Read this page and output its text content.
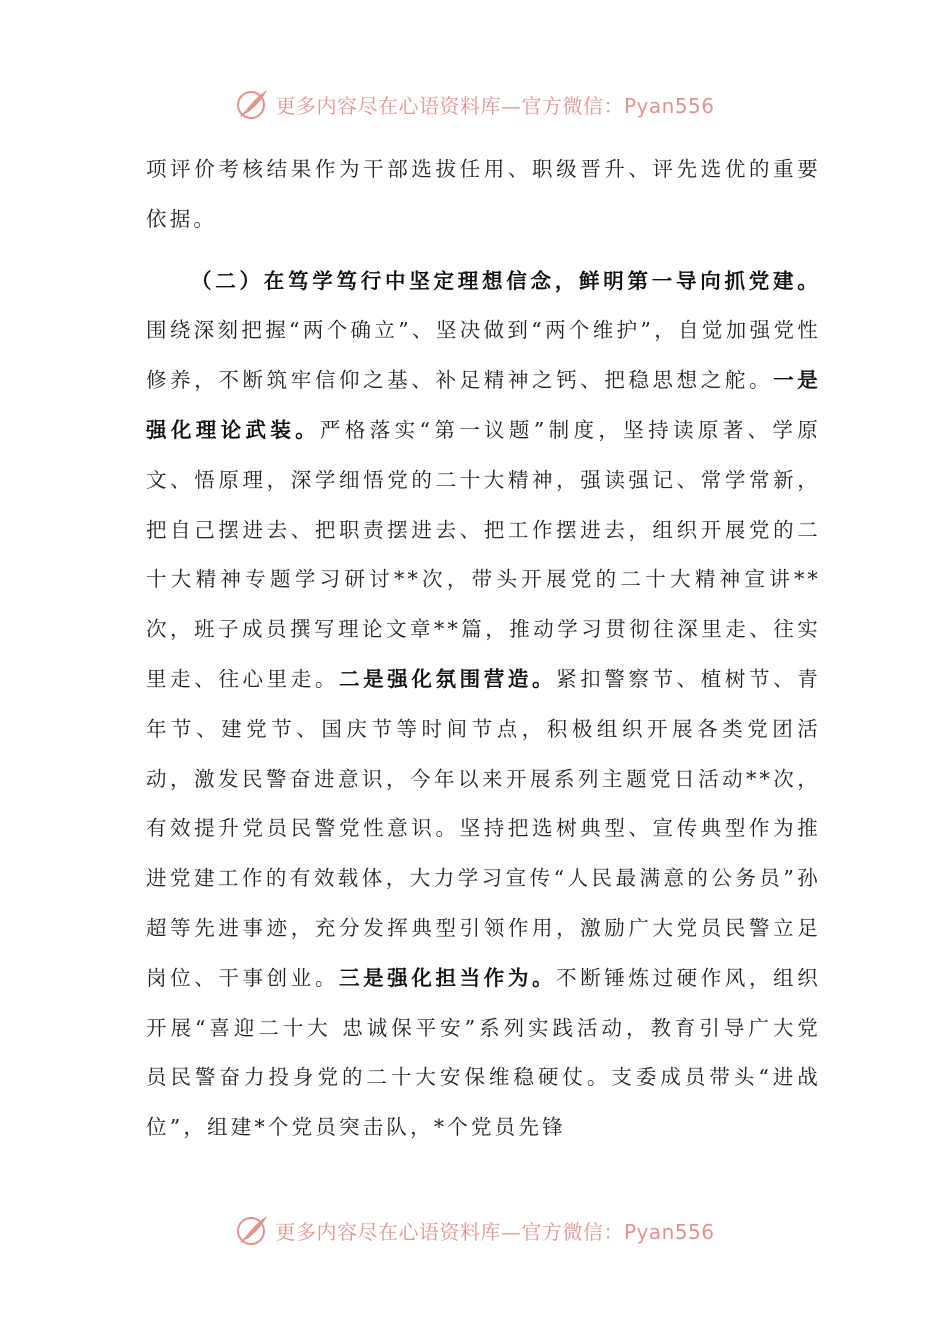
更多内容尽在心语资料库—官方微信：Pyan556

项评价考核结果作为干部选拔任用、职级晋升、评先选优的重要依据。

（二）在笃学笃行中坚定理想信念，鲜明第一导向抓党建。围绕深刻把握“两个确立”、坚决做到“两个维护”，自觉加强党性修养，不断筑牢信仰之基、补足精神之钙、把稳思想之舵。一是强化理论武装。严格落实“第一议题”制度，坚持读原著、学原文、悟原理，深学细悟党的二十大精神，强读强记、常学常新，把自己摆进去、把职责摆进去、把工作摆进去，组织开展党的二十大精神专题学习研讨**次，带头开展党的二十大精神宣讲**次，班子成员撰写理论文章**篇，推动学习贯彻往深里走、往实里走、往心里走。二是强化氛围营造。紧扣警察节、植树节、青年节、建党节、国庆节等时间节点，积极组织开展各类党团活动，激发民警奋进意识，今年以来开展系列主题党日活动**次，有效提升党员民警党性意识。坚持把选树典型、宣传典型作为推进党建工作的有效载体，大力学习宣传“人民最满意的公务员”孙超等先进事迹，充分发挥典型引领作用，激励广大党员民警立足岗位、干事创业。三是强化担当作为。不断锤炼过硬作风，组织开展“喜迎二十大 忠诚保平安”系列实践活动，教育引导广大党员民警奋力投身党的二十大安保维稳硬仗。支委成员带头“进战位”，组建*个党员突击队，*个党员先锋

更多内容尽在心语资料库—官方微信：Pyan556
